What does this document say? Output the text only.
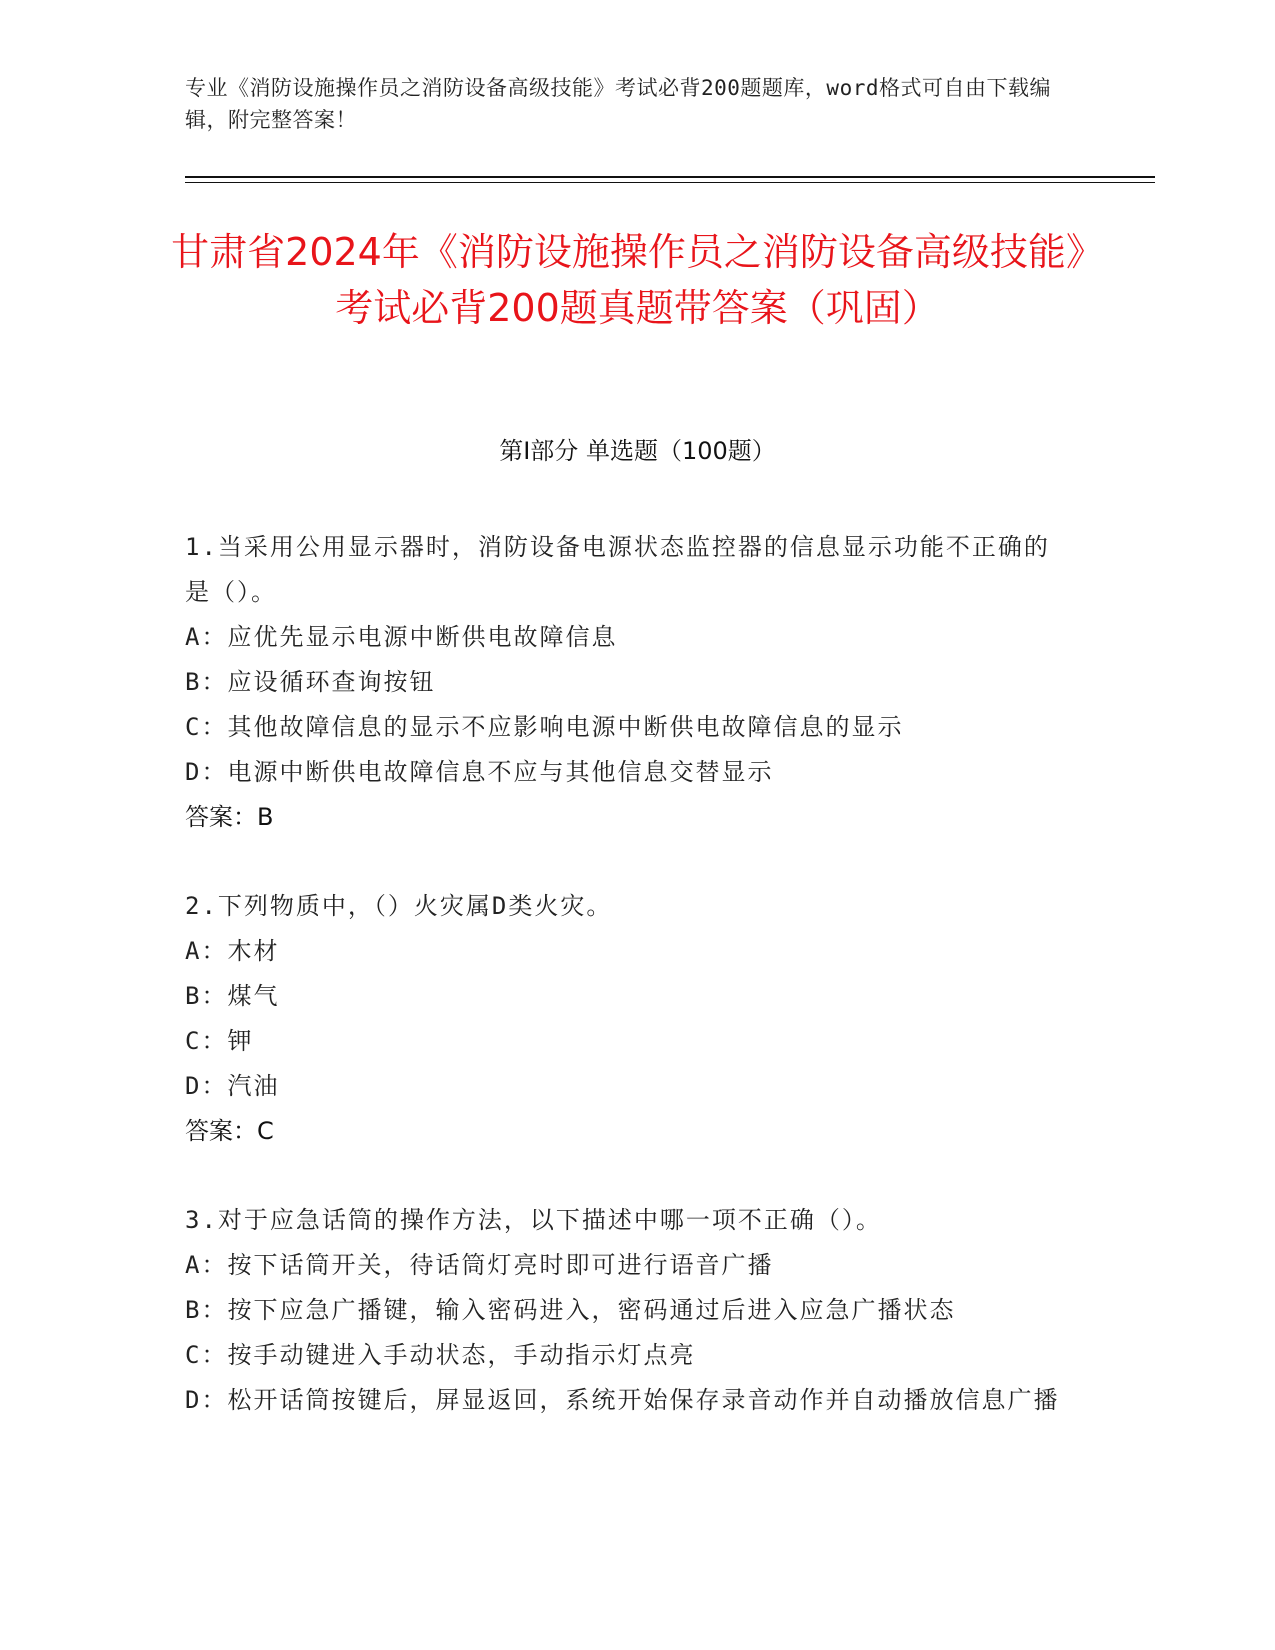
专业《消防设施操作员之消防设备高级技能》考试必背200题题库，word格式可自由下载编辑，附完整答案！
甘肃省2024年《消防设施操作员之消防设备高级技能》考试必背200题真题带答案（巩固）
第I部分 单选题（100题）

1.当采用公用显示器时，消防设备电源状态监控器的信息显示功能不正确的是（）。

A：应优先显示电源中断供电故障信息

B：应设循环查询按钮

C：其他故障信息的显示不应影响电源中断供电故障信息的显示

D：电源中断供电故障信息不应与其他信息交替显示

答案：B

2.下列物质中，（）火灾属D类火灾。

A：木材

B：煤气

C：钾

D：汽油

答案：C

3.对于应急话筒的操作方法，以下描述中哪一项不正确（）。

A：按下话筒开关，待话筒灯亮时即可进行语音广播

B：按下应急广播键，输入密码进入，密码通过后进入应急广播状态

C：按手动键进入手动状态，手动指示灯点亮

D：松开话筒按键后，屏显返回，系统开始保存录音动作并自动播放信息广播
